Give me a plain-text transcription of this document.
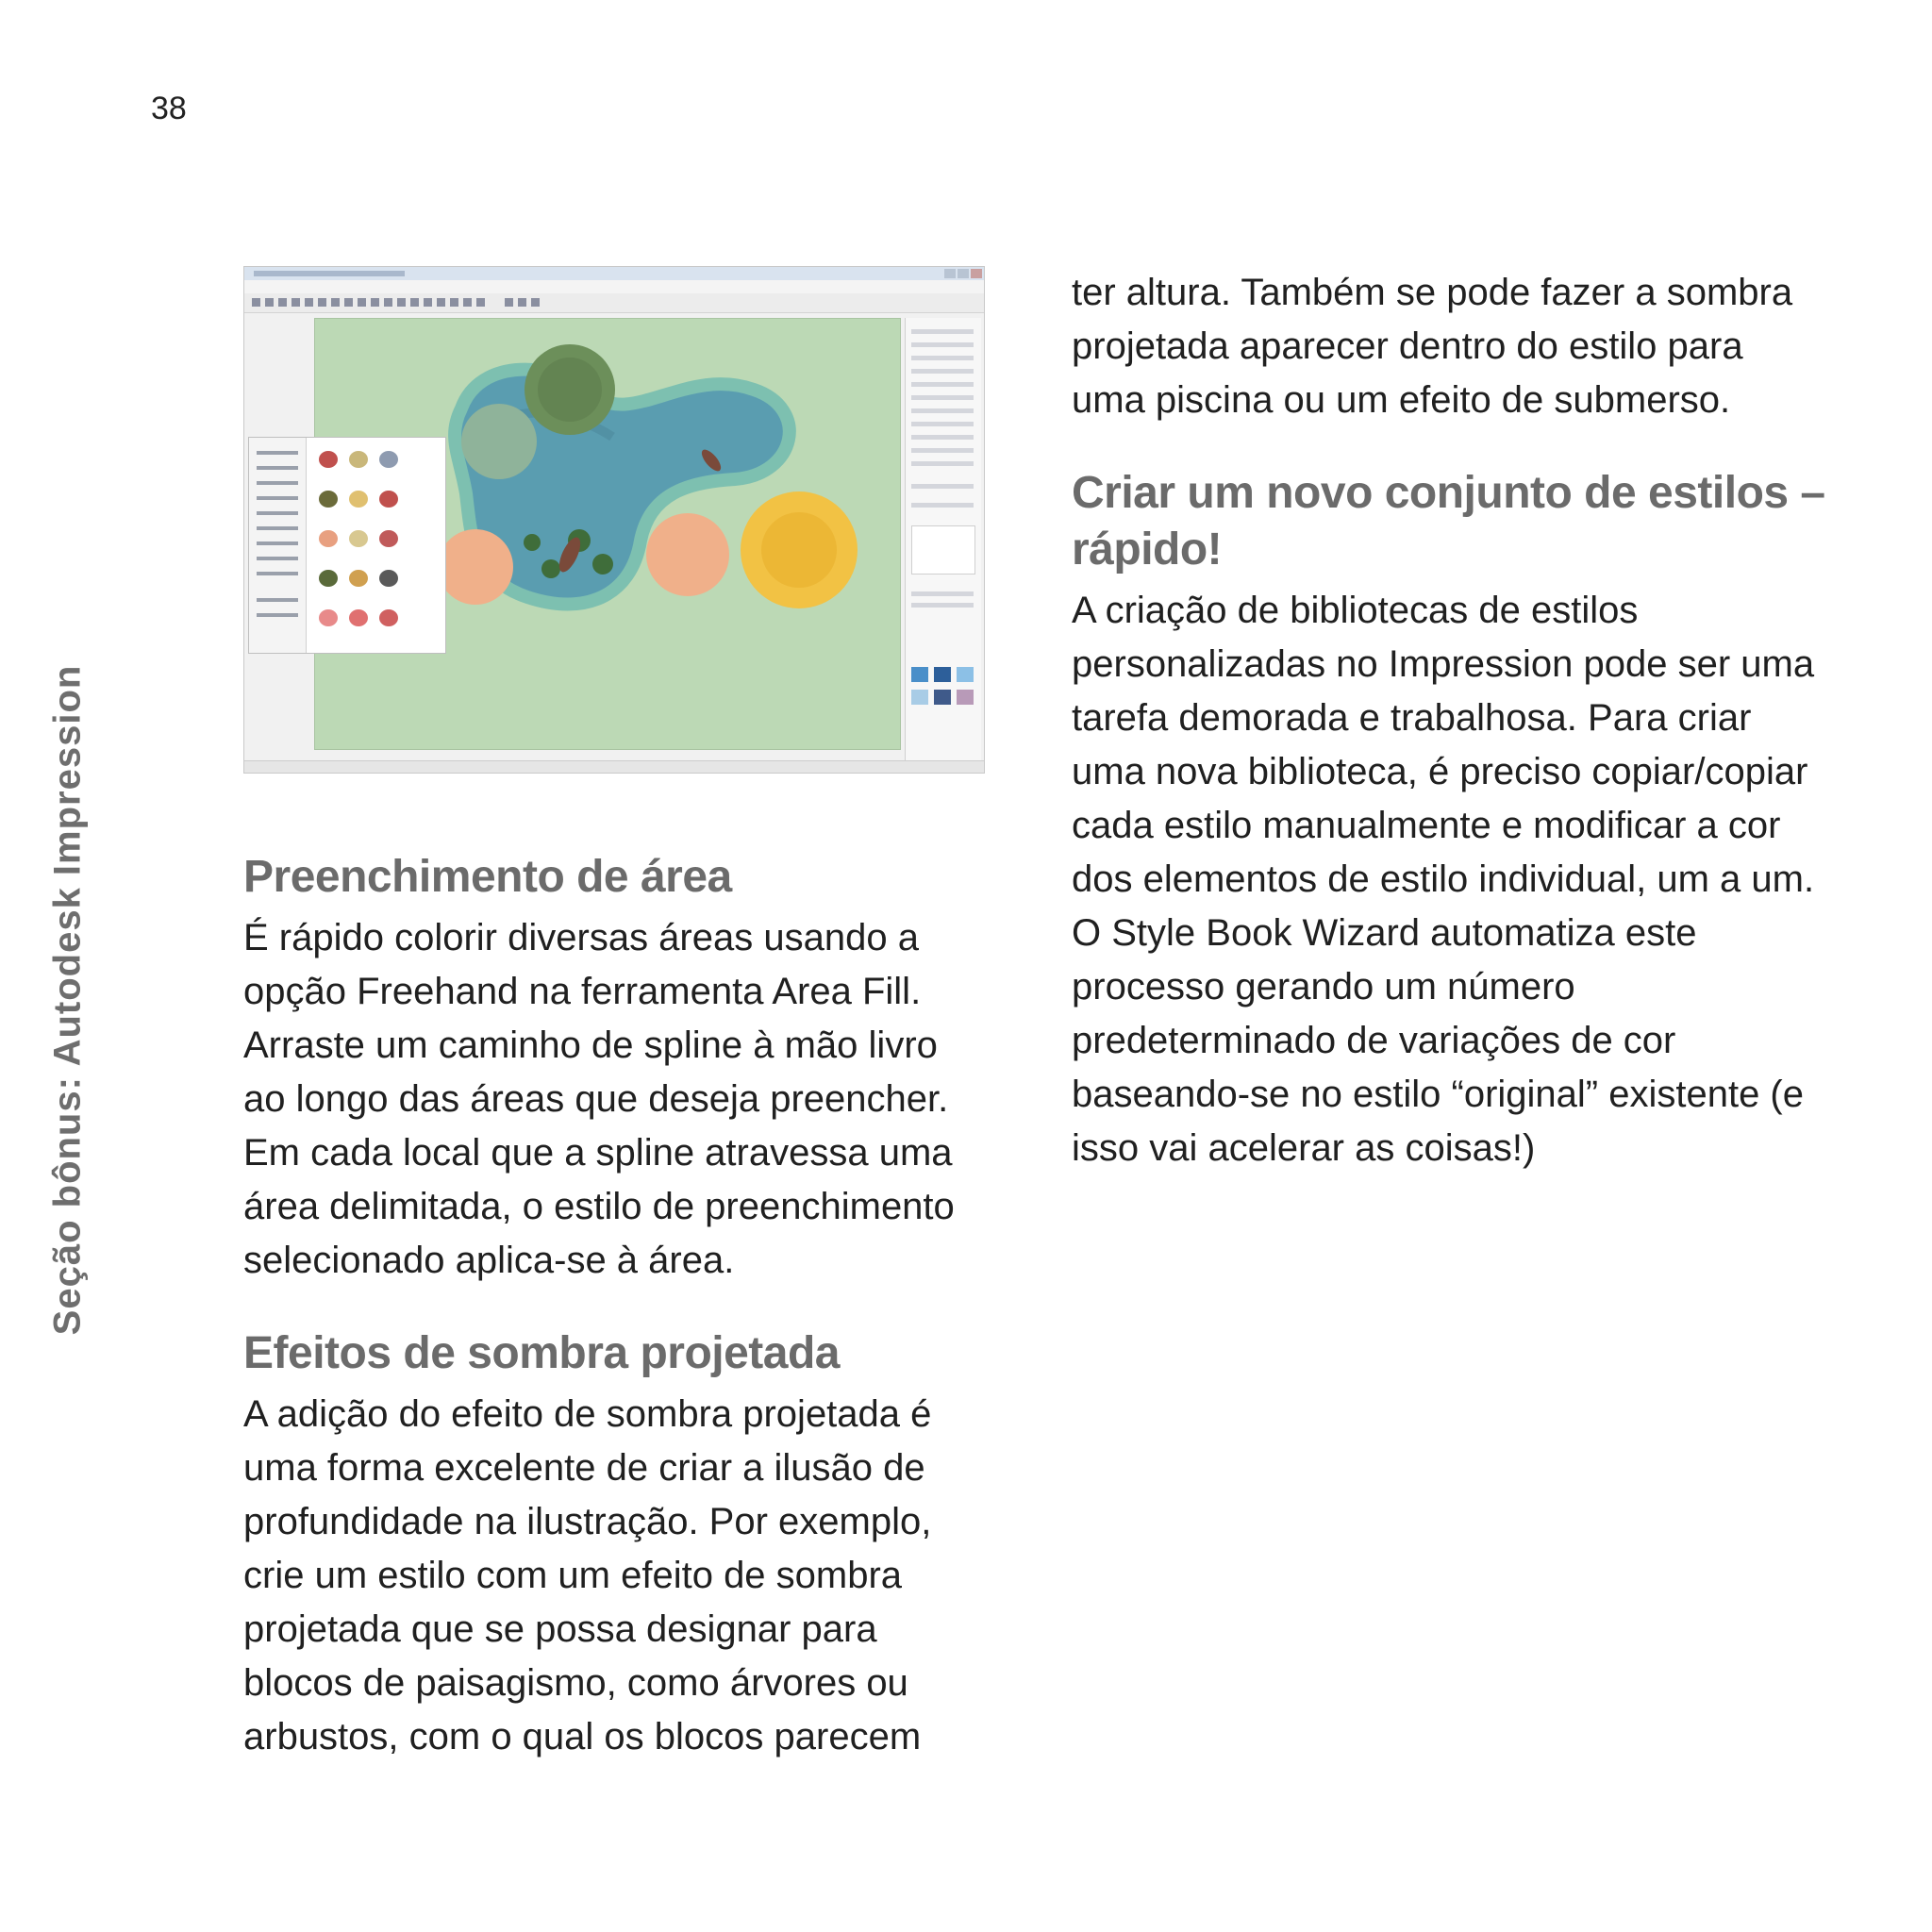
38
Seção bônus: Autodesk Impression	Preenchimento de área

É rápido colorir diversas áreas usando a opção Freehand na ferramenta Area Fill. Arraste um caminho de spline à mão livro ao longo das áreas que deseja preencher. Em cada local que a spline atravessa uma área delimitada, o estilo de preenchimento selecionado aplica-se à área.

Efeitos de sombra projetada

A adição do efeito de sombra projetada é uma forma excelente de criar a ilusão de profundidade na ilustração. Por exemplo, crie um estilo com um efeito de sombra projetada que se possa designar para blocos de paisagismo, como árvores ou arbustos, com o qual os blocos parecem

ter altura. Também se pode fazer a sombra projetada aparecer dentro do estilo para uma piscina ou um efeito de submerso.

Criar um novo conjunto de estilos – rápido!

A criação de bibliotecas de estilos personalizadas no Impression pode ser uma tarefa demorada e trabalhosa. Para criar uma nova biblioteca, é preciso copiar/copiar cada estilo manualmente e modificar a cor dos elementos de estilo individual, um a um. O Style Book Wizard automatiza este processo gerando um número predeterminado de variações de cor baseando-se no estilo “original” existente (e isso vai acelerar as coisas!)
